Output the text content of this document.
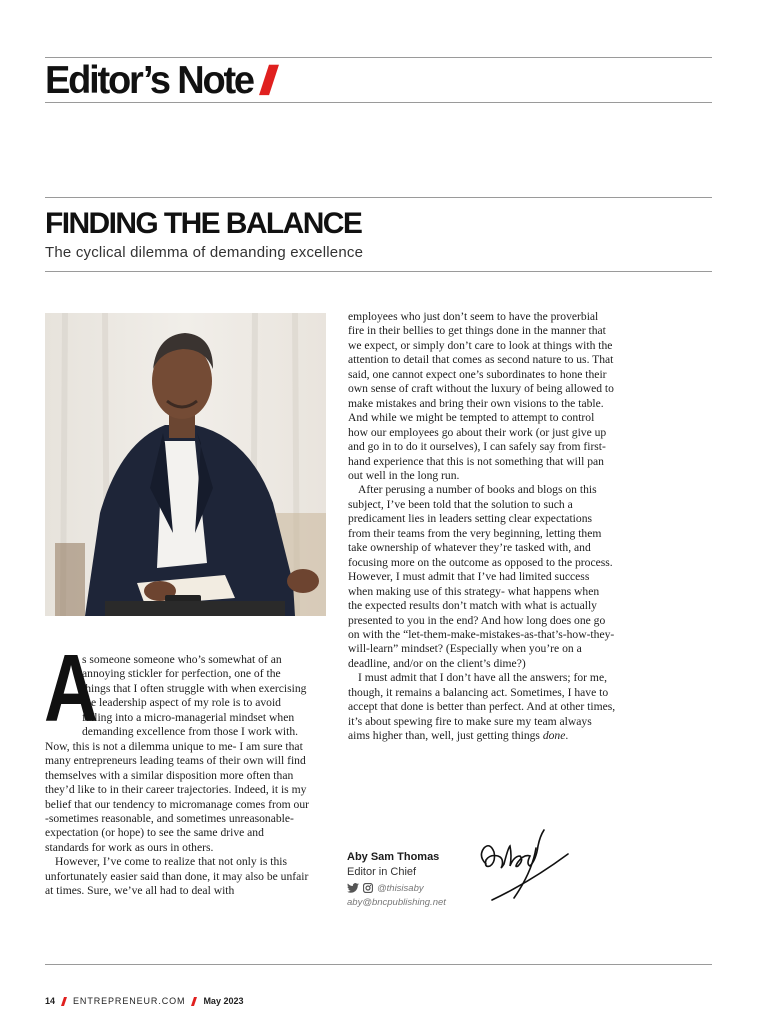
Editor’s Note
FINDING THE BALANCE
The cyclical dilemma of demanding excellence

A
s someone someone who’s somewhat of an annoying stickler for perfection, one of the things that I often struggle with when exercising the leadership aspect of my role is to avoid falling into a micro-managerial mindset when demanding excellence from those I work with. Now, this is not a dilemma unique to me- I am sure that many entrepreneurs leading teams of their own will find themselves with a similar disposition more often than they’d like to in their career trajectories. Indeed, it is my belief that our tendency to micromanage comes from our -sometimes reasonable, and sometimes unreasonable- expectation (or hope) to see the same drive and standards for work as ours in others.

However, I’ve come to realize that not only is this unfortunately easier said than done, it may also be unfair at times. Sure, we’ve all had to deal with

employees who just don’t seem to have the proverbial fire in their bellies to get things done in the manner that we expect, or simply don’t care to look at things with the attention to detail that comes as second nature to us. That said, one cannot expect one’s subordinates to hone their own sense of craft without the luxury of being allowed to make mistakes and bring their own visions to the table. And while we might be tempted to attempt to control how our employees go about their work (or just give up and go in to do it ourselves), I can safely say from first-hand experience that this is not something that will pan out well in the long run.

After perusing a number of books and blogs on this subject, I’ve been told that the solution to such a predicament lies in leaders setting clear expectations from their teams from the very beginning, letting them take ownership of whatever they’re tasked with, and focusing more on the outcome as opposed to the process. However, I must admit that I’ve had limited success when making use of this strategy- what happens when the expected results don’t match with what is actually presented to you in the end? And how long does one go on with the “let-them-make-mistakes-as-that’s-how-they-will-learn” mindset? (Especially when you’re on a deadline, and/or on the client’s dime?)

I must admit that I don’t have all the answers; for me, though, it remains a balancing act. Sometimes, I have to accept that done is better than perfect. And at other times, it’s about spewing fire to make sure my team always aims higher than, well, just getting things done.

Aby Sam Thomas
Editor in Chief
@thisisaby
aby@bncpublishing.net
14 ENTREPRENEUR.COM May 2023
